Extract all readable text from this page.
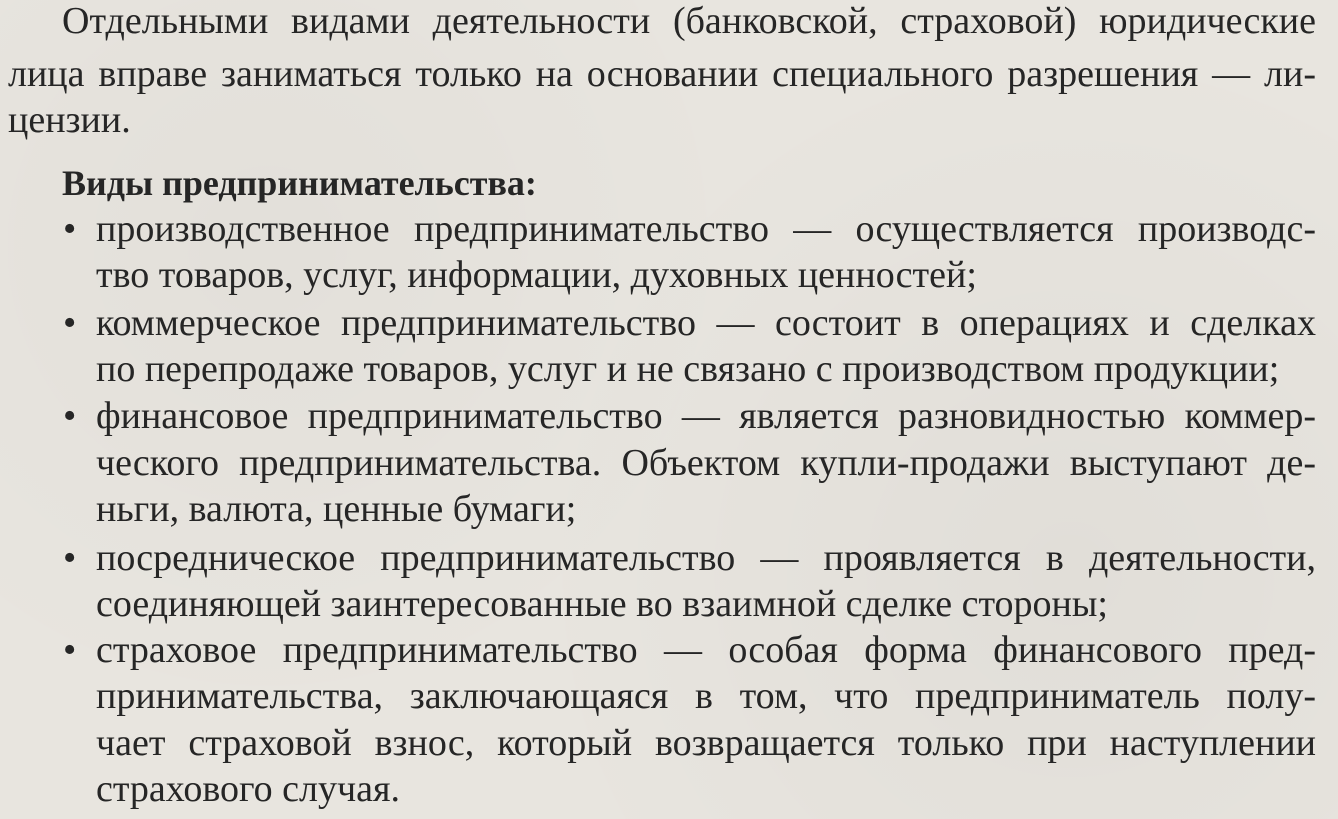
Отдельными видами деятельности (банковской, страховой) юридические
лица вправе заниматься только на основании специального разрешения — ли-
цензии.
Виды предпринимательства:
• производственное предпринимательство — осуществляется производс-
тво товаров, услуг, информации, духовных ценностей;
• коммерческое предпринимательство — состоит в операциях и сделках
по перепродаже товаров, услуг и не связано с производством продукции;
• финансовое предпринимательство — является разновидностью коммер-
ческого предпринимательства. Объектом купли-продажи выступают де-
ньги, валюта, ценные бумаги;
• посредническое предпринимательство — проявляется в деятельности,
соединяющей заинтересованные во взаимной сделке стороны;
• страховое предпринимательство — особая форма финансового пред-
принимательства, заключающаяся в том, что предприниматель полу-
чает страховой взнос, который возвращается только при наступлении
страхового случая.
